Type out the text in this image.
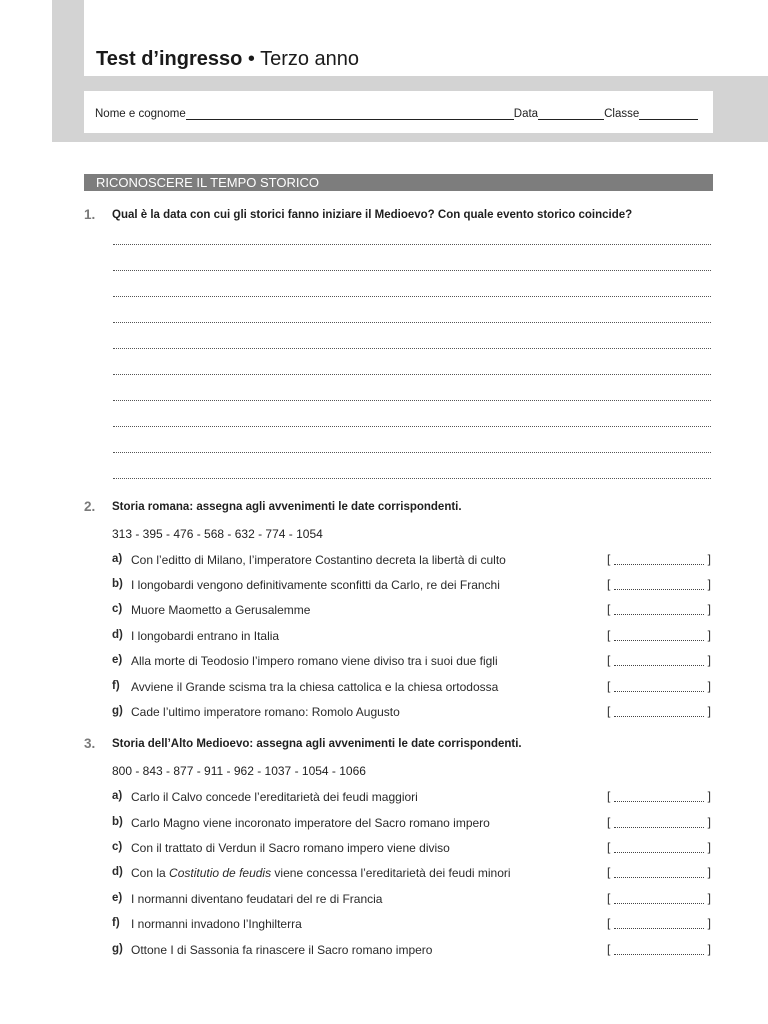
Test d’ingresso • Terzo anno
Nome e cognome	Data	Classe
RICONOSCERE IL TEMPO STORICO
1. Qual è la data con cui gli storici fanno iniziare il Medioevo? Con quale evento storico coincide?
2. Storia romana: assegna agli avvenimenti le date corrispondenti.
313 - 395 - 476 - 568 - 632 - 774 - 1054
a) Con l’editto di Milano, l’imperatore Costantino decreta la libertà di culto	[	]
b) I longobardi vengono definitivamente sconfitti da Carlo, re dei Franchi	[	]
c) Muore Maometto a Gerusalemme	[	]
d) I longobardi entrano in Italia	[	]
e) Alla morte di Teodosio l’impero romano viene diviso tra i suoi due figli	[	]
f) Avviene il Grande scisma tra la chiesa cattolica e la chiesa ortodossa	[	]
g) Cade l’ultimo imperatore romano: Romolo Augusto	[	]
3. Storia dell’Alto Medioevo: assegna agli avvenimenti le date corrispondenti.
800 - 843 - 877 - 911 - 962 - 1037 - 1054 - 1066
a) Carlo il Calvo concede l’ereditarietà dei feudi maggiori	[	]
b) Carlo Magno viene incoronato imperatore del Sacro romano impero	[	]
c) Con il trattato di Verdun il Sacro romano impero viene diviso	[	]
d) Con la Costitutio de feudis viene concessa l’ereditarietà dei feudi minori	[	]
e) I normanni diventano feudatari del re di Francia	[	]
f) I normanni invadono l’Inghilterra	[	]
g) Ottone I di Sassonia fa rinascere il Sacro romano impero	[	]
